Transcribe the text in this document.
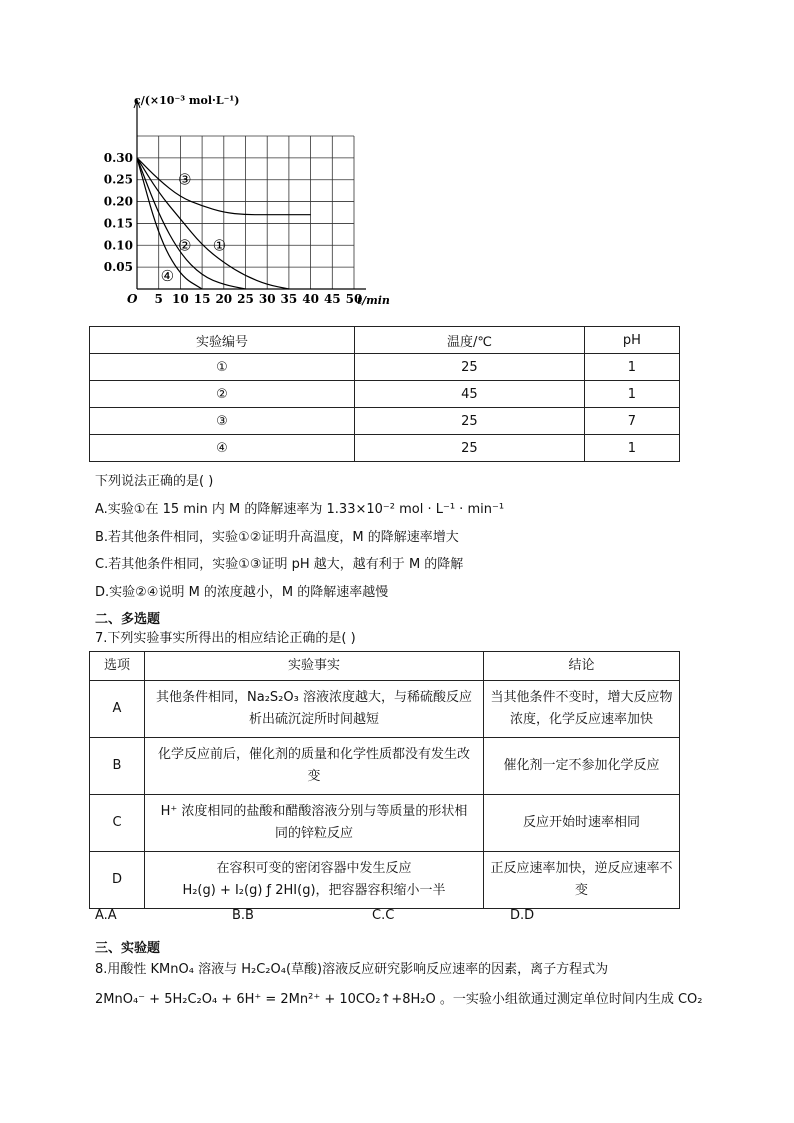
5 10 15 20 25 30 35 40 45 50
0.05
0.10
0.15
0.20
0.25
0.30
O	t/min
c/(×10⁻³ mol·L⁻¹)
①
②
③
④
实验编号	温度/℃	pH
①	25	1
②	45	1
③	25	7
④	25	1
下列说法正确的是( )
A.实验①在 15 min 内 M 的降解速率为 1.33×10⁻² mol · L⁻¹ · min⁻¹
B.若其他条件相同，实验①②证明升高温度，M 的降解速率增大
C.若其他条件相同，实验①③证明 pH 越大，越有利于 M 的降解
D.实验②④说明 M 的浓度越小，M 的降解速率越慢
二、多选题
7.下列实验事实所得出的相应结论正确的是( )
选项	实验事实	结论
A	其他条件相同，Na₂S₂O₃ 溶液浓度越大，与稀硫酸反应析出硫沉淀所时间越短	当其他条件不变时，增大反应物浓度，化学反应速率加快
B	化学反应前后，催化剂的质量和化学性质都没有发生改变	催化剂一定不参加化学反应
C	H⁺ 浓度相同的盐酸和醋酸溶液分别与等质量的形状相同的锌粒反应	反应开始时速率相同
D	在容积可变的密闭容器中发生反应
H₂(g) + I₂(g) ƒ 2HI(g)，把容器容积缩小一半	正反应速率加快，逆反应速率不变
A.A	B.B	C.C	D.D
三、实验题
8.用酸性 KMnO₄ 溶液与 H₂C₂O₄(草酸)溶液反应研究影响反应速率的因素，离子方程式为
2MnO₄⁻ + 5H₂C₂O₄ + 6H⁺ = 2Mn²⁺ + 10CO₂↑+8H₂O 。一实验小组欲通过测定单位时间内生成 CO₂
